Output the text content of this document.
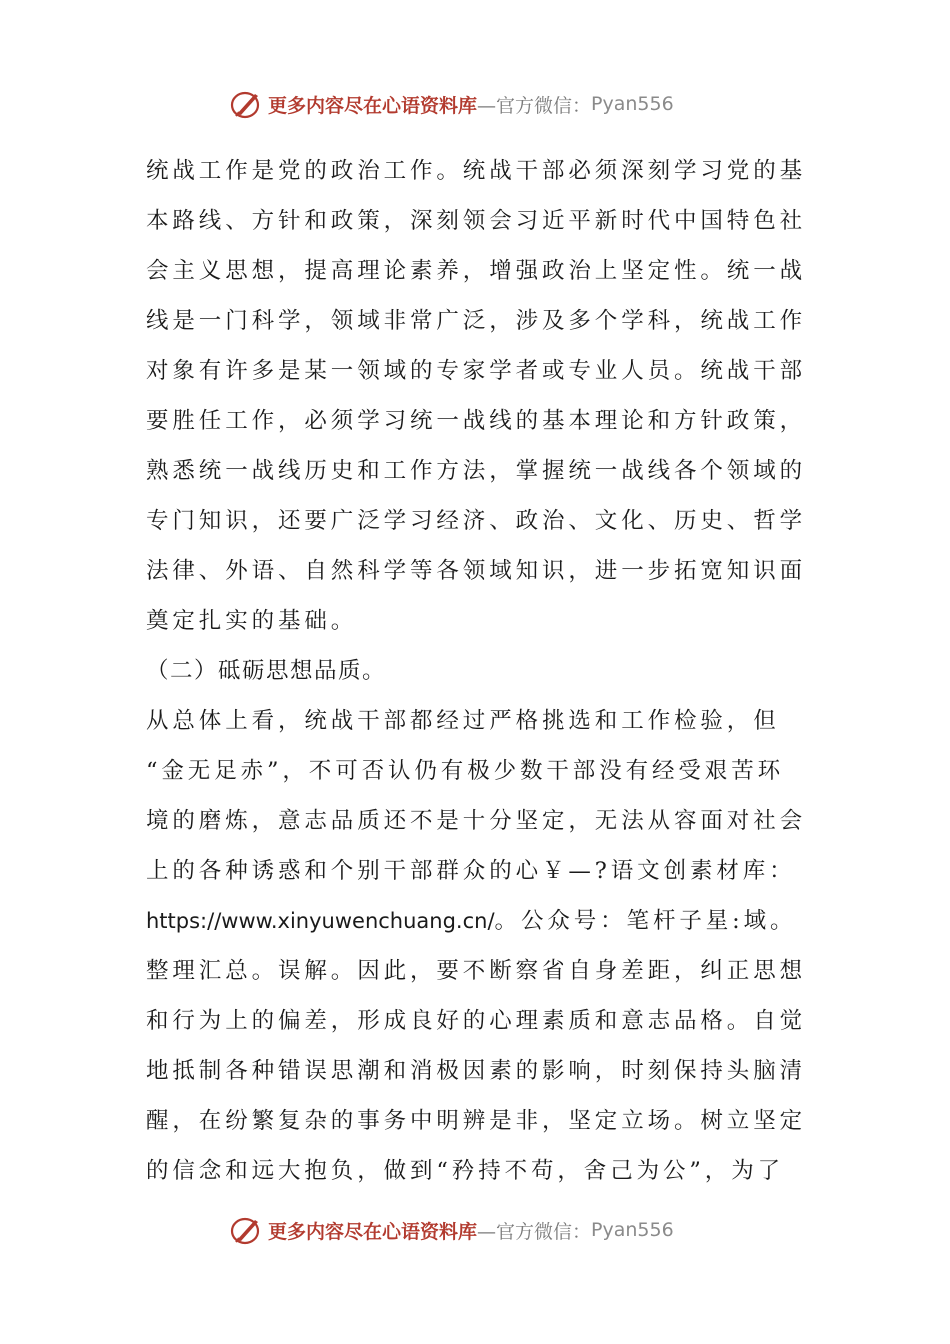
更多内容尽在心语资料库 —官方微信： Pyan556
统战工作是党的政治工作。统战干部必须深刻学习党的基
本路线、方针和政策，深刻领会习近平新时代中国特色社
会主义思想，提高理论素养，增强政治上坚定性。统一战
线是一门科学，领域非常广泛，涉及多个学科，统战工作
对象有许多是某一领域的专家学者或专业人员。统战干部
要胜任工作，必须学习统一战线的基本理论和方针政策，
熟悉统一战线历史和工作方法，掌握统一战线各个领域的
专门知识，还要广泛学习经济、政治、文化、历史、哲学
法律、外语、自然科学等各领域知识，进一步拓宽知识面
奠定扎实的基础。
（二）砥砺思想品质。
从总体上看，统战干部都经过严格挑选和工作检验，但
“金无足赤”，不可否认仍有极少数干部没有经受艰苦环
境的磨炼，意志品质还不是十分坚定，无法从容面对社会
上的各种诱惑和个别干部群众的心￥—?语文创素材库：
https://www.xinyuwenchuang.cn/。公众号：笔杆子星:域。
整理汇总。误解。因此，要不断察省自身差距，纠正思想
和行为上的偏差，形成良好的心理素质和意志品格。自觉
地抵制各种错误思潮和消极因素的影响，时刻保持头脑清
醒，在纷繁复杂的事务中明辨是非，坚定立场。树立坚定
的信念和远大抱负，做到“矜持不苟，舍己为公”，为了
更多内容尽在心语资料库 —官方微信： Pyan556
